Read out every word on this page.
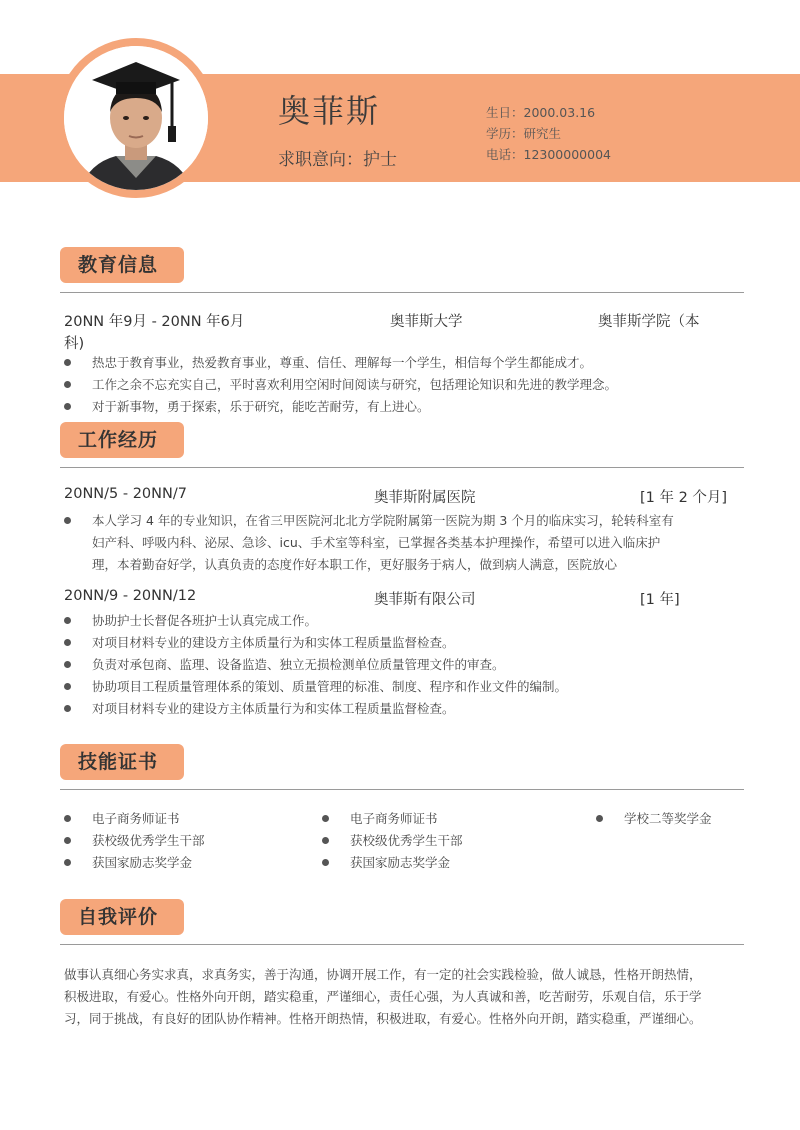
奥菲斯
求职意向：护士
生日：2000.03.16
学历：研究生
电话：12300000004
教育信息
20NN 年9月 - 20NN 年6月	奥菲斯大学	奥菲斯学院（本
科)
热忠于教育事业，热爱教育事业，尊重、信任、理解每一个学生，相信每个学生都能成才。
工作之余不忘充实自己，平时喜欢利用空闲时间阅读与研究，包括理论知识和先进的教学理念。
对于新事物，勇于探索，乐于研究，能吃苦耐劳，有上进心。
工作经历
20NN/5 - 20NN/7	奥菲斯附属医院	[1 年 2 个月]
本人学习 4 年的专业知识，在省三甲医院河北北方学院附属第一医院为期 3 个月的临床实习，轮转科室有
妇产科、呼吸内科、泌尿、急诊、icu、手术室等科室，已掌握各类基本护理操作，希望可以进入临床护
理，本着勤奋好学，认真负责的态度作好本职工作，更好服务于病人，做到病人满意，医院放心
20NN/9 - 20NN/12	奥菲斯有限公司	[1 年]
协助护士长督促各班护士认真完成工作。
对项目材料专业的建设方主体质量行为和实体工程质量监督检查。
负责对承包商、监理、设备监造、独立无损检测单位质量管理文件的审查。
协助项目工程质量管理体系的策划、质量管理的标准、制度、程序和作业文件的编制。
对项目材料专业的建设方主体质量行为和实体工程质量监督检查。
技能证书
电子商务师证书
获校级优秀学生干部
获国家励志奖学金
电子商务师证书
获校级优秀学生干部
获国家励志奖学金
学校二等奖学金
自我评价
做事认真细心务实求真，求真务实，善于沟通，协调开展工作，有一定的社会实践检验，做人诚恳，性格开朗热情，
积极进取，有爱心。性格外向开朗，踏实稳重，严谨细心，责任心强，为人真诚和善，吃苦耐劳，乐观自信，乐于学
习，同于挑战，有良好的团队协作精神。性格开朗热情，积极进取，有爱心。性格外向开朗，踏实稳重，严谨细心。
